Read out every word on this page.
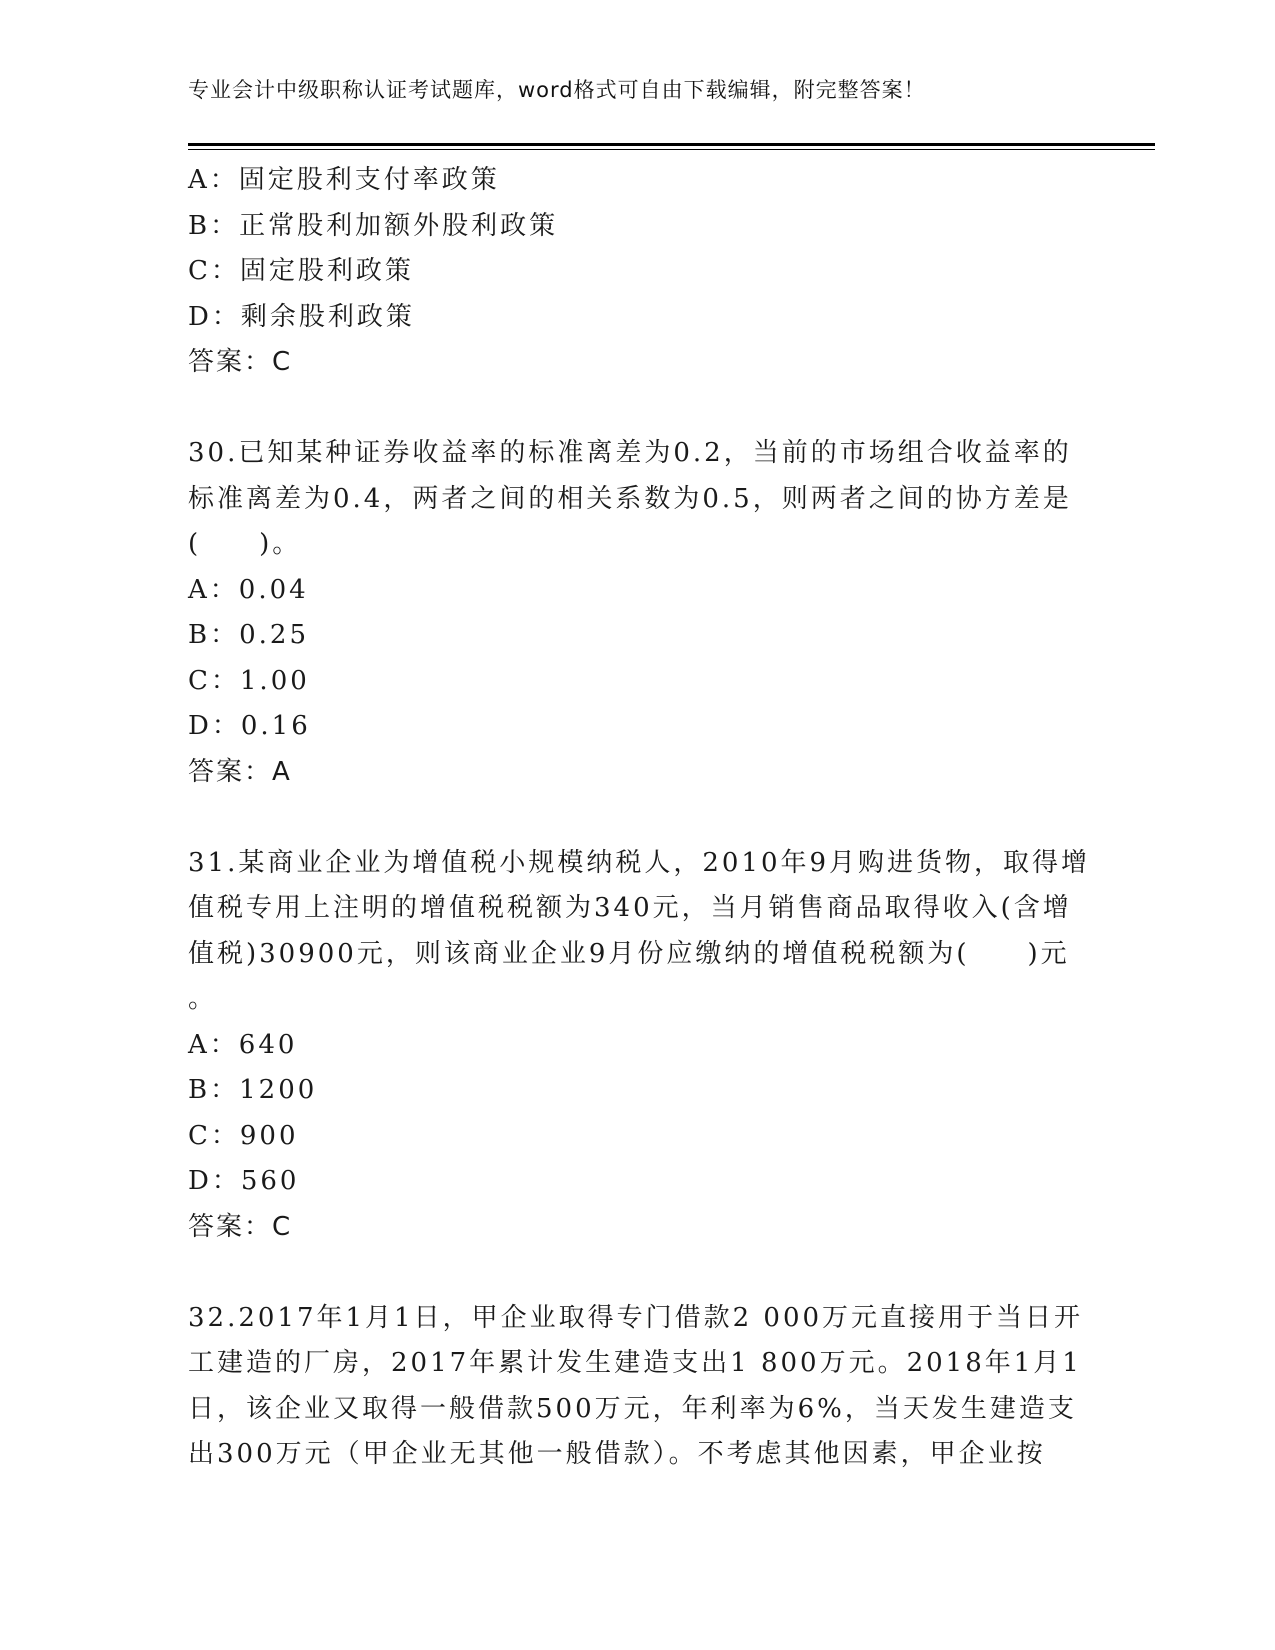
专业会计中级职称认证考试题库，word格式可自由下载编辑，附完整答案！
A：固定股利支付率政策
B：正常股利加额外股利政策
C：固定股利政策
D：剩余股利政策
答案：C
30.已知某种证券收益率的标准离差为0.2，当前的市场组合收益率的
标准离差为0.4，两者之间的相关系数为0.5，则两者之间的协方差是
(　　)。
A：0.04
B：0.25
C：1.00
D：0.16
答案：A
31.某商业企业为增值税小规模纳税人，2010年9月购进货物，取得增
值税专用上注明的增值税税额为340元，当月销售商品取得收入(含增
值税)30900元，则该商业企业9月份应缴纳的增值税税额为(　　)元
。
A：640
B：1200
C：900
D：560
答案：C
32.2017年1月1日，甲企业取得专门借款2 000万元直接用于当日开
工建造的厂房，2017年累计发生建造支出1 800万元。2018年1月1
日，该企业又取得一般借款500万元，年利率为6%，当天发生建造支
出300万元（甲企业无其他一般借款）。不考虑其他因素，甲企业按
